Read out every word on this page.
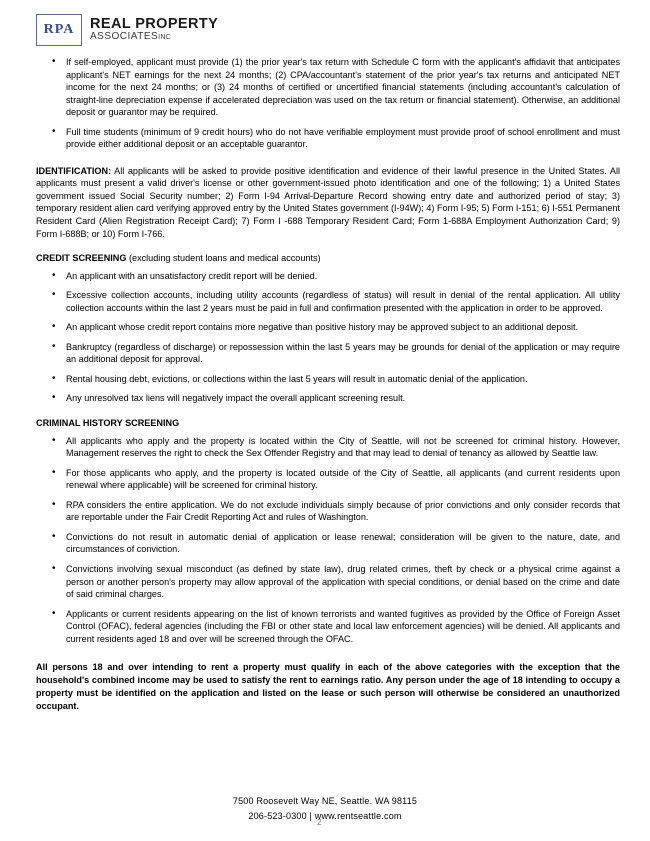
RPA	REAL PROPERTY
ASSOCIATESINC
• If self-employed, applicant must provide (1) the prior year's tax return with Schedule C form with the applicant's affidavit that anticipates applicant's NET earnings for the next 24 months; (2) CPA/accountant's statement of the prior year's tax returns and anticipated NET income for the next 24 months; or (3) 24 months of certified or uncertified financial statements (including accountant's calculation of straight-line depreciation expense if accelerated depreciation was used on the tax return or financial statement). Otherwise, an additional deposit or guarantor may be required.
• Full time students (minimum of 9 credit hours) who do not have verifiable employment must provide proof of school enrollment and must provide either additional deposit or an acceptable guarantor.
IDENTIFICATION: All applicants will be asked to provide positive identification and evidence of their lawful presence in the United States. All applicants must present a valid driver's license or other government-issued photo identification and one of the following; 1) a United States government issued Social Security number; 2) Form I-94 Arrival-Departure Record showing entry date and authorized period of stay; 3) temporary resident alien card verifying approved entry by the United States government (I-94W); 4) Form I-95; 5) Form I-151; 6) I-551 Permanent Resident Card (Alien Registration Receipt Card); 7) Form I -688 Temporary Resident Card; Form 1-688A Employment Authorization Card; 9) Form I-688B; or 10) Form I-766.
CREDIT SCREENING (excluding student loans and medical accounts)
• An applicant with an unsatisfactory credit report will be denied.
• Excessive collection accounts, including utility accounts (regardless of status) will result in denial of the rental application. All utility collection accounts within the last 2 years must be paid in full and confirmation presented with the application in order to be approved.
• An applicant whose credit report contains more negative than positive history may be approved subject to an additional deposit.
• Bankruptcy (regardless of discharge) or repossession within the last 5 years may be grounds for denial of the application or may require an additional deposit for approval.
• Rental housing debt, evictions, or collections within the last 5 years will result in automatic denial of the application.
• Any unresolved tax liens will negatively impact the overall applicant screening result.
CRIMINAL HISTORY SCREENING
• All applicants who apply and the property is located within the City of Seattle, will not be screened for criminal history. However, Management reserves the right to check the Sex Offender Registry and that may lead to denial of tenancy as allowed by Seattle law.
• For those applicants who apply, and the property is located outside of the City of Seattle, all applicants (and current residents upon renewal where applicable) will be screened for criminal history.
• RPA considers the entire application. We do not exclude individuals simply because of prior convictions and only consider records that are reportable under the Fair Credit Reporting Act and rules of Washington.
• Convictions do not result in automatic denial of application or lease renewal; consideration will be given to the nature, date, and circumstances of conviction.
• Convictions involving sexual misconduct (as defined by state law), drug related crimes, theft by check or a physical crime against a person or another person's property may allow approval of the application with special conditions, or denial based on the crime and date of said criminal charges.
• Applicants or current residents appearing on the list of known terrorists and wanted fugitives as provided by the Office of Foreign Asset Control (OFAC), federal agencies (including the FBI or other state and local law enforcement agencies) will be denied. All applicants and current residents aged 18 and over will be screened through the OFAC.
All persons 18 and over intending to rent a property must qualify in each of the above categories with the exception that the household's combined income may be used to satisfy the rent to earnings ratio. Any person under the age of 18 intending to occupy a property must be identified on the application and listed on the lease or such person will otherwise be considered an unauthorized occupant.
7500 Roosevelt Way NE, Seattle. WA 98115
206-523-0300 | www.rentseattle.com
2
